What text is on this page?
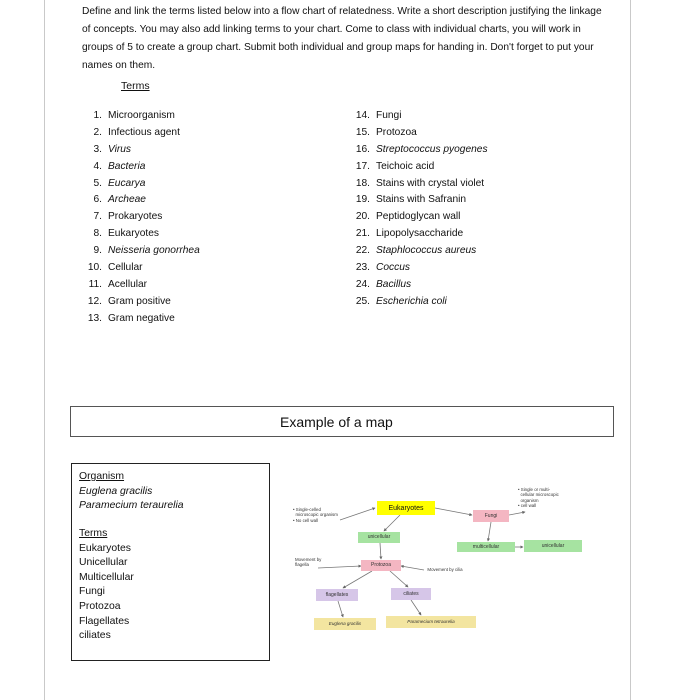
Define and link the terms listed below into a flow chart of relatedness. Write a short description justifying the linkage of concepts. You may also add linking terms to your chart. Come to class with individual charts, you will work in groups of 5 to create a group chart. Submit both individual and group maps for handing in. Don't forget to put your names on them.

Terms
1. Microorganism
2. Infectious agent
3. Virus
4. Bacteria
5. Eucarya
6. Archeae
7. Prokaryotes
8. Eukaryotes
9. Neisseria gonorrhea
10. Cellular
11. Acellular
12. Gram positive
13. Gram negative
14. Fungi
15. Protozoa
16. Streptococcus pyogenes
17. Teichoic acid
18. Stains with crystal violet
19. Stains with Safranin
20. Peptidoglycan wall
21. Lipopolysaccharide
22. Staphlococcus aureus
23. Coccus
24. Bacillus
25. Escherichia coli
Example of a map
Organism
Euglena gracilis
Paramecium teraurelia
Terms
Eukaryotes
Unicellular
Multicellular
Fungi
Protozoa
Flagellates
ciliates
Eukaryotes
Fungi
unicellular
multicellular	unicellular
Protozoa
flagellates	ciliates
Euglena gracilis	Paramecium tetraurelia
• Single-celled
microscopic organism
• No cell wall
• Single or multi-
cellular microscopic
organism
• cell wall
Movement by flagella
Movement by cilia
